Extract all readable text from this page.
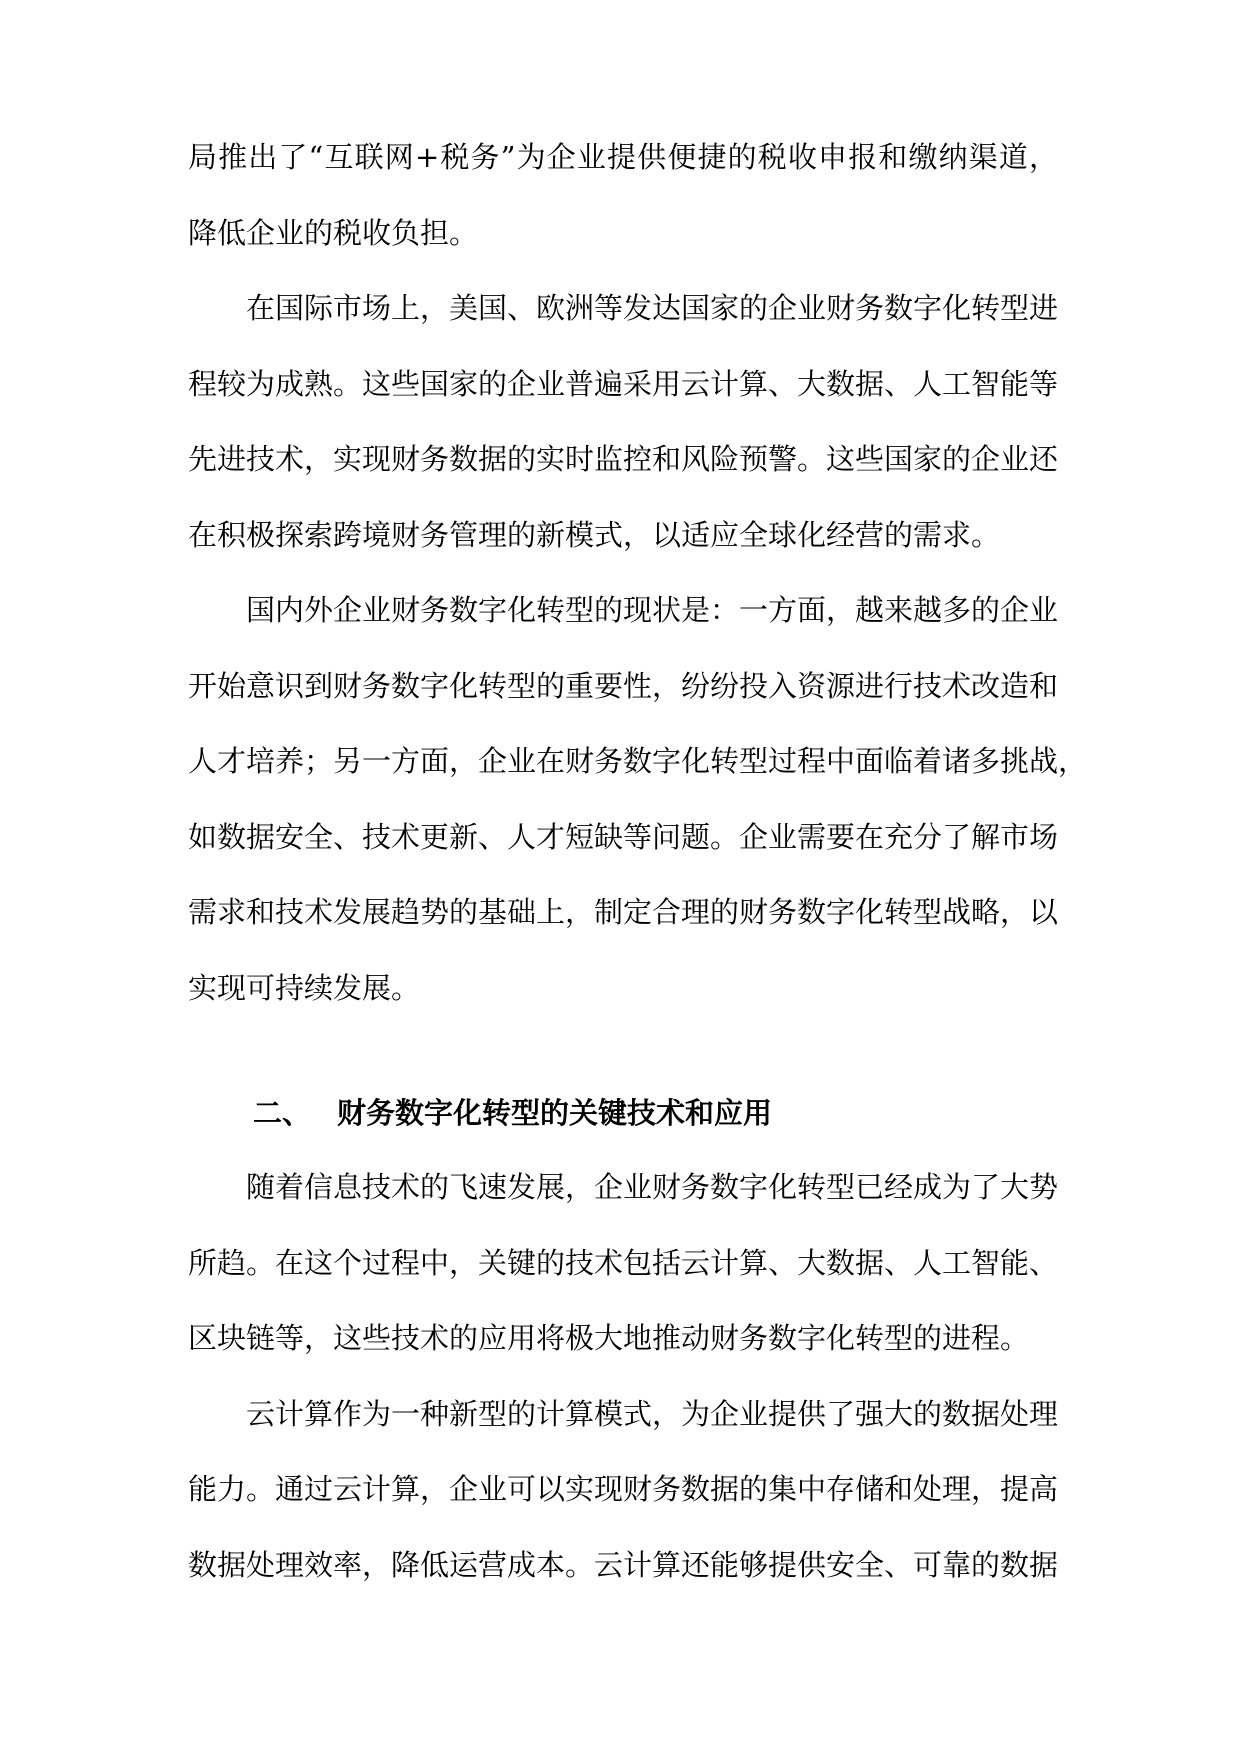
局推出了“互联网+税务”为企业提供便捷的税收申报和缴纳渠道，
降低企业的税收负担。
在国际市场上，美国、欧洲等发达国家的企业财务数字化转型进
程较为成熟。这些国家的企业普遍采用云计算、大数据、人工智能等
先进技术，实现财务数据的实时监控和风险预警。这些国家的企业还
在积极探索跨境财务管理的新模式，以适应全球化经营的需求。
国内外企业财务数字化转型的现状是：一方面，越来越多的企业
开始意识到财务数字化转型的重要性，纷纷投入资源进行技术改造和
人才培养；另一方面，企业在财务数字化转型过程中面临着诸多挑战，
如数据安全、技术更新、人才短缺等问题。企业需要在充分了解市场
需求和技术发展趋势的基础上，制定合理的财务数字化转型战略，以
实现可持续发展。
二、 财务数字化转型的关键技术和应用
随着信息技术的飞速发展，企业财务数字化转型已经成为了大势
所趋。在这个过程中，关键的技术包括云计算、大数据、人工智能、
区块链等，这些技术的应用将极大地推动财务数字化转型的进程。
云计算作为一种新型的计算模式，为企业提供了强大的数据处理
能力。通过云计算，企业可以实现财务数据的集中存储和处理，提高
数据处理效率，降低运营成本。云计算还能够提供安全、可靠的数据
